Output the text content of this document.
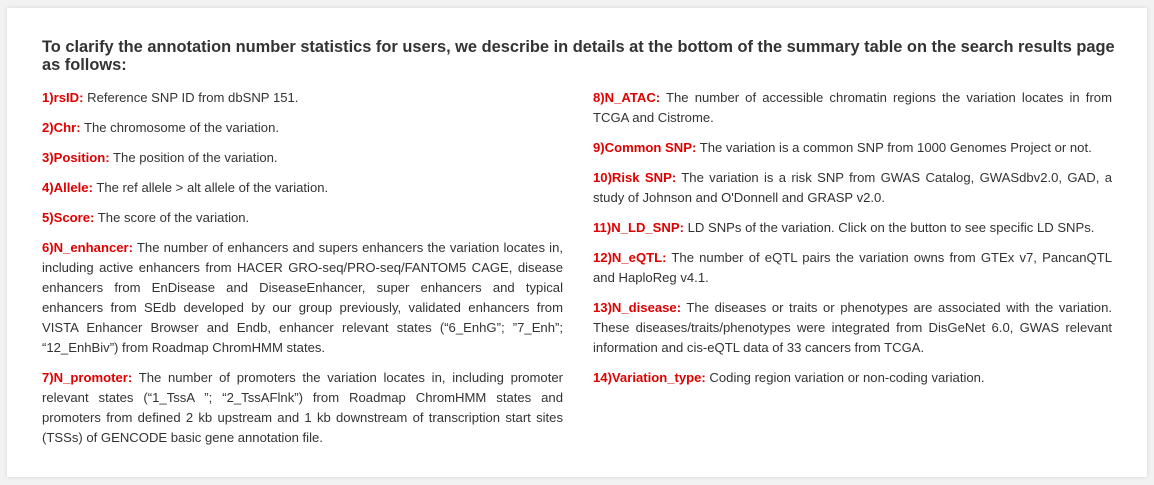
To clarify the annotation number statistics for users, we describe in details at the bottom of the summary table on the search results page as follows:
1)rsID: Reference SNP ID from dbSNP 151.
2)Chr: The chromosome of the variation.
3)Position: The position of the variation.
4)Allele: The ref allele > alt allele of the variation.
5)Score: The score of the variation.
6)N_enhancer: The number of enhancers and supers enhancers the variation locates in, including active enhancers from HACER GRO-seq/PRO-seq/FANTOM5 CAGE, disease enhancers from EnDisease and DiseaseEnhancer, super enhancers and typical enhancers from SEdb developed by our group previously, validated enhancers from VISTA Enhancer Browser and Endb, enhancer relevant states (“6_EnhG”; ”7_Enh”; “12_EnhBiv”) from Roadmap ChromHMM states.
7)N_promoter: The number of promoters the variation locates in, including promoter relevant states (“1_TssA ”; “2_TssAFlnk”) from Roadmap ChromHMM states and promoters from defined 2 kb upstream and 1 kb downstream of transcription start sites (TSSs) of GENCODE basic gene annotation file.
8)N_ATAC: The number of accessible chromatin regions the variation locates in from TCGA and Cistrome.
9)Common SNP: The variation is a common SNP from 1000 Genomes Project or not.
10)Risk SNP: The variation is a risk SNP from GWAS Catalog, GWASdbv2.0, GAD, a study of Johnson and O'Donnell and GRASP v2.0.
11)N_LD_SNP: LD SNPs of the variation. Click on the button to see specific LD SNPs.
12)N_eQTL: The number of eQTL pairs the variation owns from GTEx v7, PancanQTL and HaploReg v4.1.
13)N_disease: The diseases or traits or phenotypes are associated with the variation. These diseases/traits/phenotypes were integrated from DisGeNet 6.0, GWAS relevant information and cis-eQTL data of 33 cancers from TCGA.
14)Variation_type: Coding region variation or non-coding variation.
